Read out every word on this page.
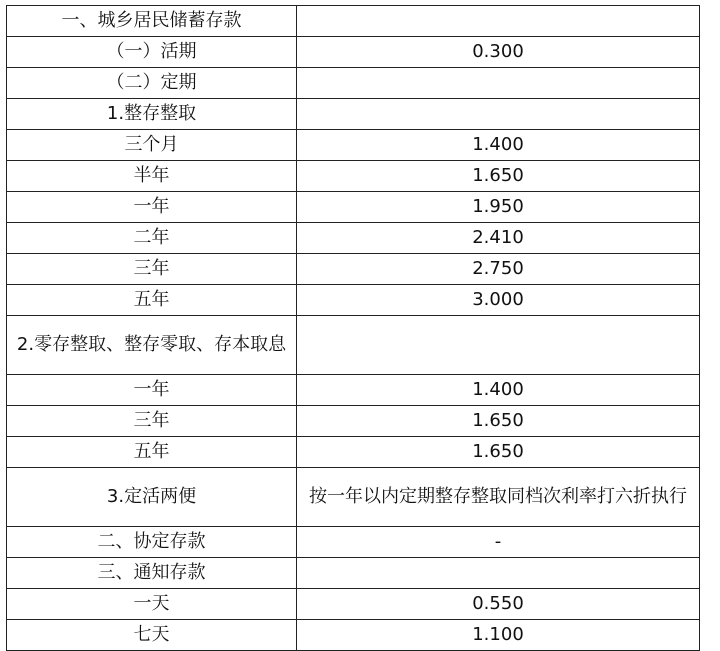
一、城乡居民储蓄存款	
（一）活期	0.300
（二）定期	
1.整存整取	
三个月	1.400
半年	1.650
一年	1.950
二年	2.410
三年	2.750
五年	3.000
2.零存整取、整存零取、存本取息	
一年	1.400
三年	1.650
五年	1.650
3.定活两便	按一年以内定期整存整取同档次利率打六折执行
二、协定存款	-
三、通知存款	
一天	0.550
七天	1.100
